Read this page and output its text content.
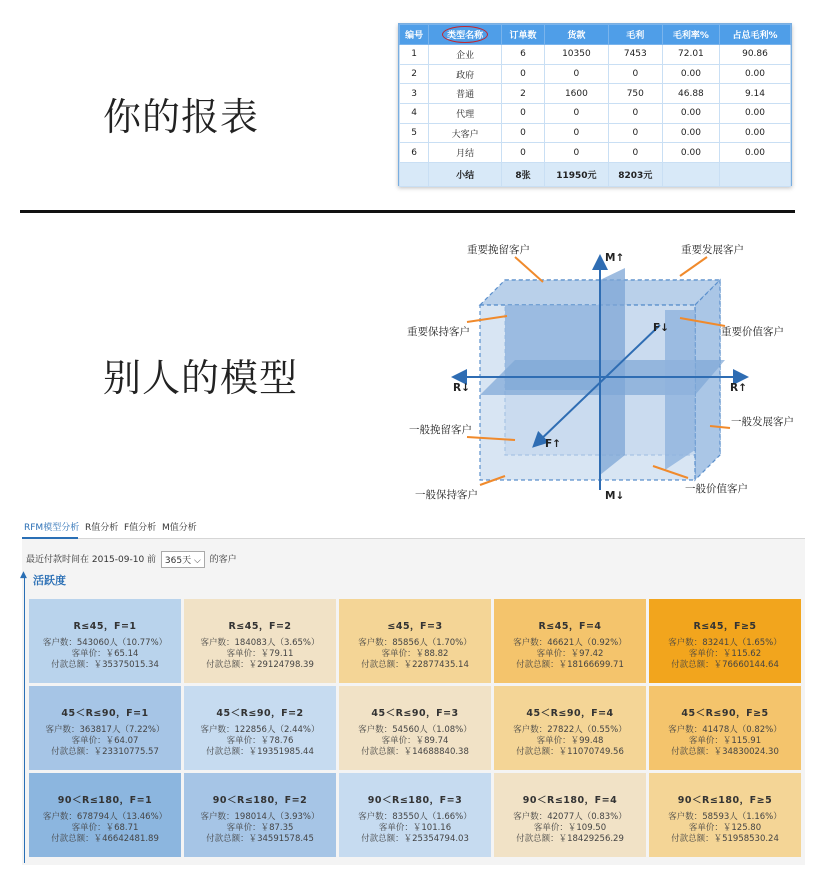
你的报表
编号	类型名称	订单数	货款	毛利	毛利率%	占总毛利%
1	企业	6	10350	7453	72.01	90.86
2	政府	0	0	0	0.00	0.00
3	普通	2	1600	750	46.88	9.14
4	代理	0	0	0	0.00	0.00
5	大客户	0	0	0	0.00	0.00
6	月结	0	0	0	0.00	0.00
	小结	8张	11950元	8203元		
别人的模型
重要挽留客户	重要发展客户
重要保持客户	重要价值客户
一般挽留客户
一般发展客户
一般保持客户	一般价值客户
M↑
M↓
R↓	R↑
F↑
F↓
RFM模型分析 R值分析 F值分析 M值分析
最近付款时间在 2015-09-10 前 365天 ⌵ 的客户
▲ 活跃度
R≤45，F=1
客户数：543060人（10.77%）
客单价：￥65.14
付款总额：￥35375015.34
R≤45，F=2
客户数：184083人（3.65%）
客单价：￥79.11
付款总额：￥29124798.39
≤45，F=3
客户数：85856人（1.70%）
客单价：￥88.82
付款总额：￥22877435.14
R≤45，F=4
客户数：46621人（0.92%）
客单价：￥97.42
付款总额：￥18166699.71
R≤45，F≥5
客户数：83241人（1.65%）
客单价：￥115.62
付款总额：￥76660144.64
45＜R≤90，F=1
客户数：363817人（7.22%）
客单价：￥64.07
付款总额：￥23310775.57
45＜R≤90，F=2
客户数：122856人（2.44%）
客单价：￥78.76
付款总额：￥19351985.44
45＜R≤90，F=3
客户数：54560人（1.08%）
客单价：￥89.74
付款总额：￥14688840.38
45＜R≤90，F=4
客户数：27822人（0.55%）
客单价：￥99.48
付款总额：￥11070749.56
45＜R≤90，F≥5
客户数：41478人（0.82%）
客单价：￥115.91
付款总额：￥34830024.30
90＜R≤180，F=1
客户数：678794人（13.46%）
客单价：￥68.71
付款总额：￥46642481.89
90＜R≤180，F=2
客户数：198014人（3.93%）
客单价：￥87.35
付款总额：￥34591578.45
90＜R≤180，F=3
客户数：83550人（1.66%）
客单价：￥101.16
付款总额：￥25354794.03
90＜R≤180，F=4
客户数：42077人（0.83%）
客单价：￥109.50
付款总额：￥18429256.29
90＜R≤180，F≥5
客户数：58593人（1.16%）
客单价：￥125.80
付款总额：￥51958530.24
